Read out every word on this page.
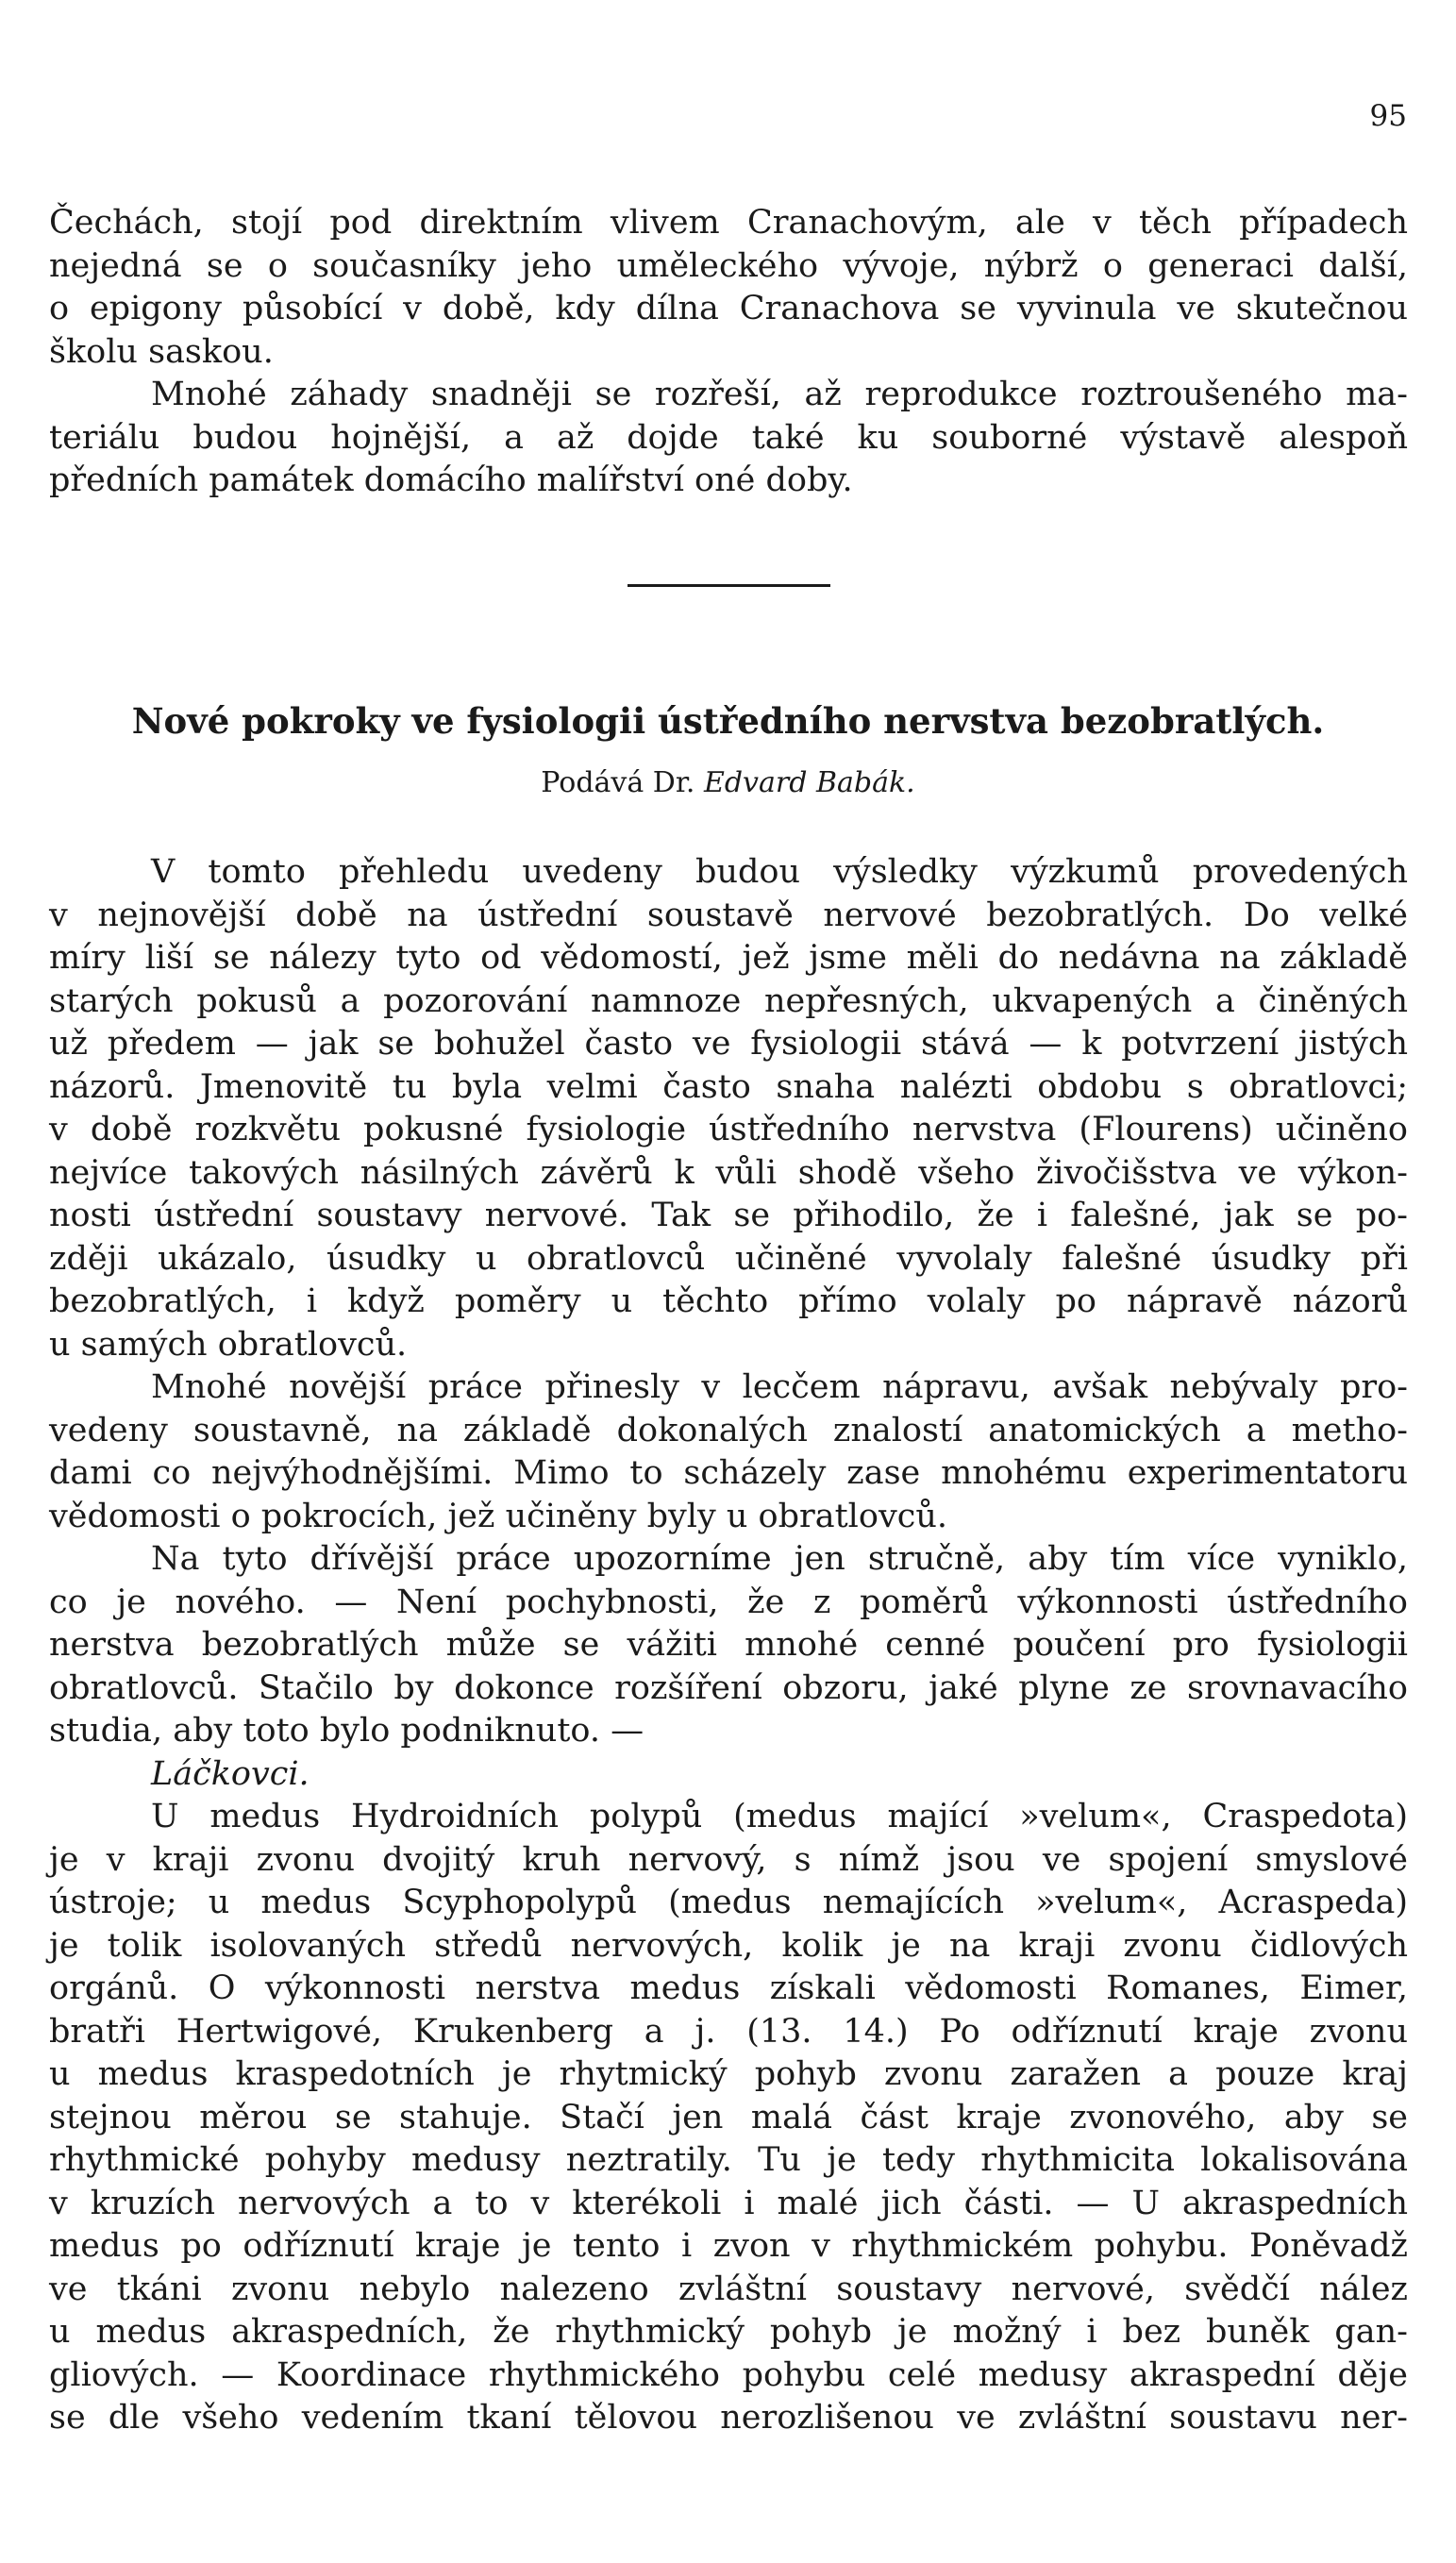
95
Čechách, stojí pod direktním vlivem Cranachovým, ale v těch případech
nejedná se o současníky jeho uměleckého vývoje, nýbrž o generaci další,
o epigony působící v době, kdy dílna Cranachova se vyvinula ve skutečnou
školu saskou.
Mnohé záhady snadněji se rozřeší, až reprodukce roztroušeného ma-
teriálu budou hojnější, a až dojde také ku souborné výstavě alespoň
předních památek domácího malířství oné doby.
Nové pokroky ve fysiologii ústředního nervstva bezobratlých.
Podává Dr. Edvard Babák.
V tomto přehledu uvedeny budou výsledky výzkumů provedených
v nejnovější době na ústřední soustavě nervové bezobratlých. Do velké
míry liší se nálezy tyto od vědomostí, jež jsme měli do nedávna na základě
starých pokusů a pozorování namnoze nepřesných, ukvapených a činěných
už předem — jak se bohužel často ve fysiologii stává — k potvrzení jistých
názorů. Jmenovitě tu byla velmi často snaha nalézti obdobu s obratlovci;
v době rozkvětu pokusné fysiologie ústředního nervstva (Flourens) učiněno
nejvíce takových násilných závěrů k vůli shodě všeho živočišstva ve výkon-
nosti ústřední soustavy nervové. Tak se přihodilo, že i falešné, jak se po-
zději ukázalo, úsudky u obratlovců učiněné vyvolaly falešné úsudky při
bezobratlých, i když poměry u těchto přímo volaly po nápravě názorů
u samých obratlovců.
Mnohé novější práce přinesly v lecčem nápravu, avšak nebývaly pro-
vedeny soustavně, na základě dokonalých znalostí anatomických a metho-
dami co nejvýhodnějšími. Mimo to scházely zase mnohému experimentatoru
vědomosti o pokrocích, jež učiněny byly u obratlovců.
Na tyto dřívější práce upozorníme jen stručně, aby tím více vyniklo,
co je nového. — Není pochybnosti, že z poměrů výkonnosti ústředního
nerstva bezobratlých může se vážiti mnohé cenné poučení pro fysiologii
obratlovců. Stačilo by dokonce rozšíření obzoru, jaké plyne ze srovnavacího
studia, aby toto bylo podniknuto. —
Láčkovci.
U medus Hydroidních polypů (medus mající »velum«, Craspedota)
je v kraji zvonu dvojitý kruh nervový, s nímž jsou ve spojení smyslové
ústroje; u medus Scyphopolypů (medus nemajících »velum«, Acraspeda)
je tolik isolovaných středů nervových, kolik je na kraji zvonu čidlových
orgánů. O výkonnosti nerstva medus získali vědomosti Romanes, Eimer,
bratři Hertwigové, Krukenberg a j. (13. 14.) Po odříznutí kraje zvonu
u medus kraspedotních je rhytmický pohyb zvonu zaražen a pouze kraj
stejnou měrou se stahuje. Stačí jen malá část kraje zvonového, aby se
rhythmické pohyby medusy neztratily. Tu je tedy rhythmicita lokalisována
v kruzích nervových a to v kterékoli i malé jich části. — U akraspedních
medus po odříznutí kraje je tento i zvon v rhythmickém pohybu. Poněvadž
ve tkáni zvonu nebylo nalezeno zvláštní soustavy nervové, svědčí nález
u medus akraspedních, že rhythmický pohyb je možný i bez buněk gan-
gliových. — Koordinace rhythmického pohybu celé medusy akraspední děje
se dle všeho vedením tkaní tělovou nerozlišenou ve zvláštní soustavu ner-
